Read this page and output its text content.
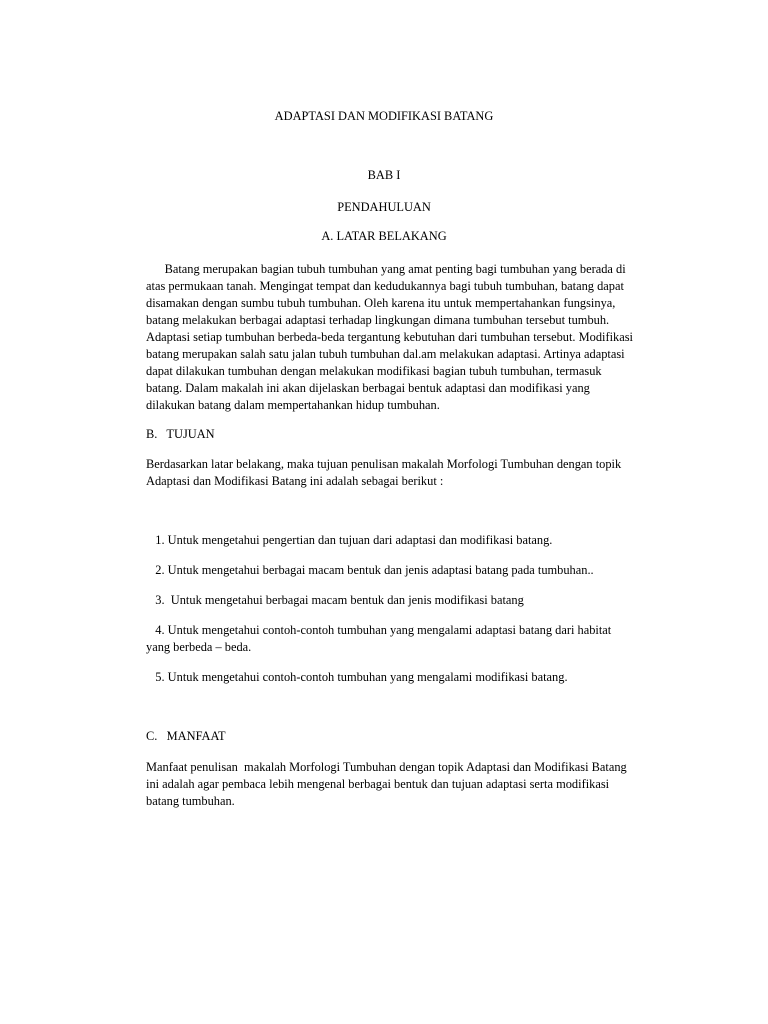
ADAPTASI DAN MODIFIKASI BATANG
BAB I
PENDAHULUAN
A. LATAR BELAKANG
Batang merupakan bagian tubuh tumbuhan yang amat penting bagi tumbuhan yang berada di
atas permukaan tanah. Mengingat tempat dan kedudukannya bagi tubuh tumbuhan, batang dapat
disamakan dengan sumbu tubuh tumbuhan. Oleh karena itu untuk mempertahankan fungsinya,
batang melakukan berbagai adaptasi terhadap lingkungan dimana tumbuhan tersebut tumbuh.
Adaptasi setiap tumbuhan berbeda-beda tergantung kebutuhan dari tumbuhan tersebut. Modifikasi
batang merupakan salah satu jalan tubuh tumbuhan dal.am melakukan adaptasi. Artinya adaptasi
dapat dilakukan tumbuhan dengan melakukan modifikasi bagian tubuh tumbuhan, termasuk
batang. Dalam makalah ini akan dijelaskan berbagai bentuk adaptasi dan modifikasi yang
dilakukan batang dalam mempertahankan hidup tumbuhan.
B.   TUJUAN
Berdasarkan latar belakang, maka tujuan penulisan makalah Morfologi Tumbuhan dengan topik
Adaptasi dan Modifikasi Batang ini adalah sebagai berikut :
1. Untuk mengetahui pengertian dan tujuan dari adaptasi dan modifikasi batang.
2. Untuk mengetahui berbagai macam bentuk dan jenis adaptasi batang pada tumbuhan..
3.  Untuk mengetahui berbagai macam bentuk dan jenis modifikasi batang
4. Untuk mengetahui contoh-contoh tumbuhan yang mengalami adaptasi batang dari habitat
yang berbeda – beda.
5. Untuk mengetahui contoh-contoh tumbuhan yang mengalami modifikasi batang.
C.   MANFAAT
Manfaat penulisan  makalah Morfologi Tumbuhan dengan topik Adaptasi dan Modifikasi Batang
ini adalah agar pembaca lebih mengenal berbagai bentuk dan tujuan adaptasi serta modifikasi
batang tumbuhan.
